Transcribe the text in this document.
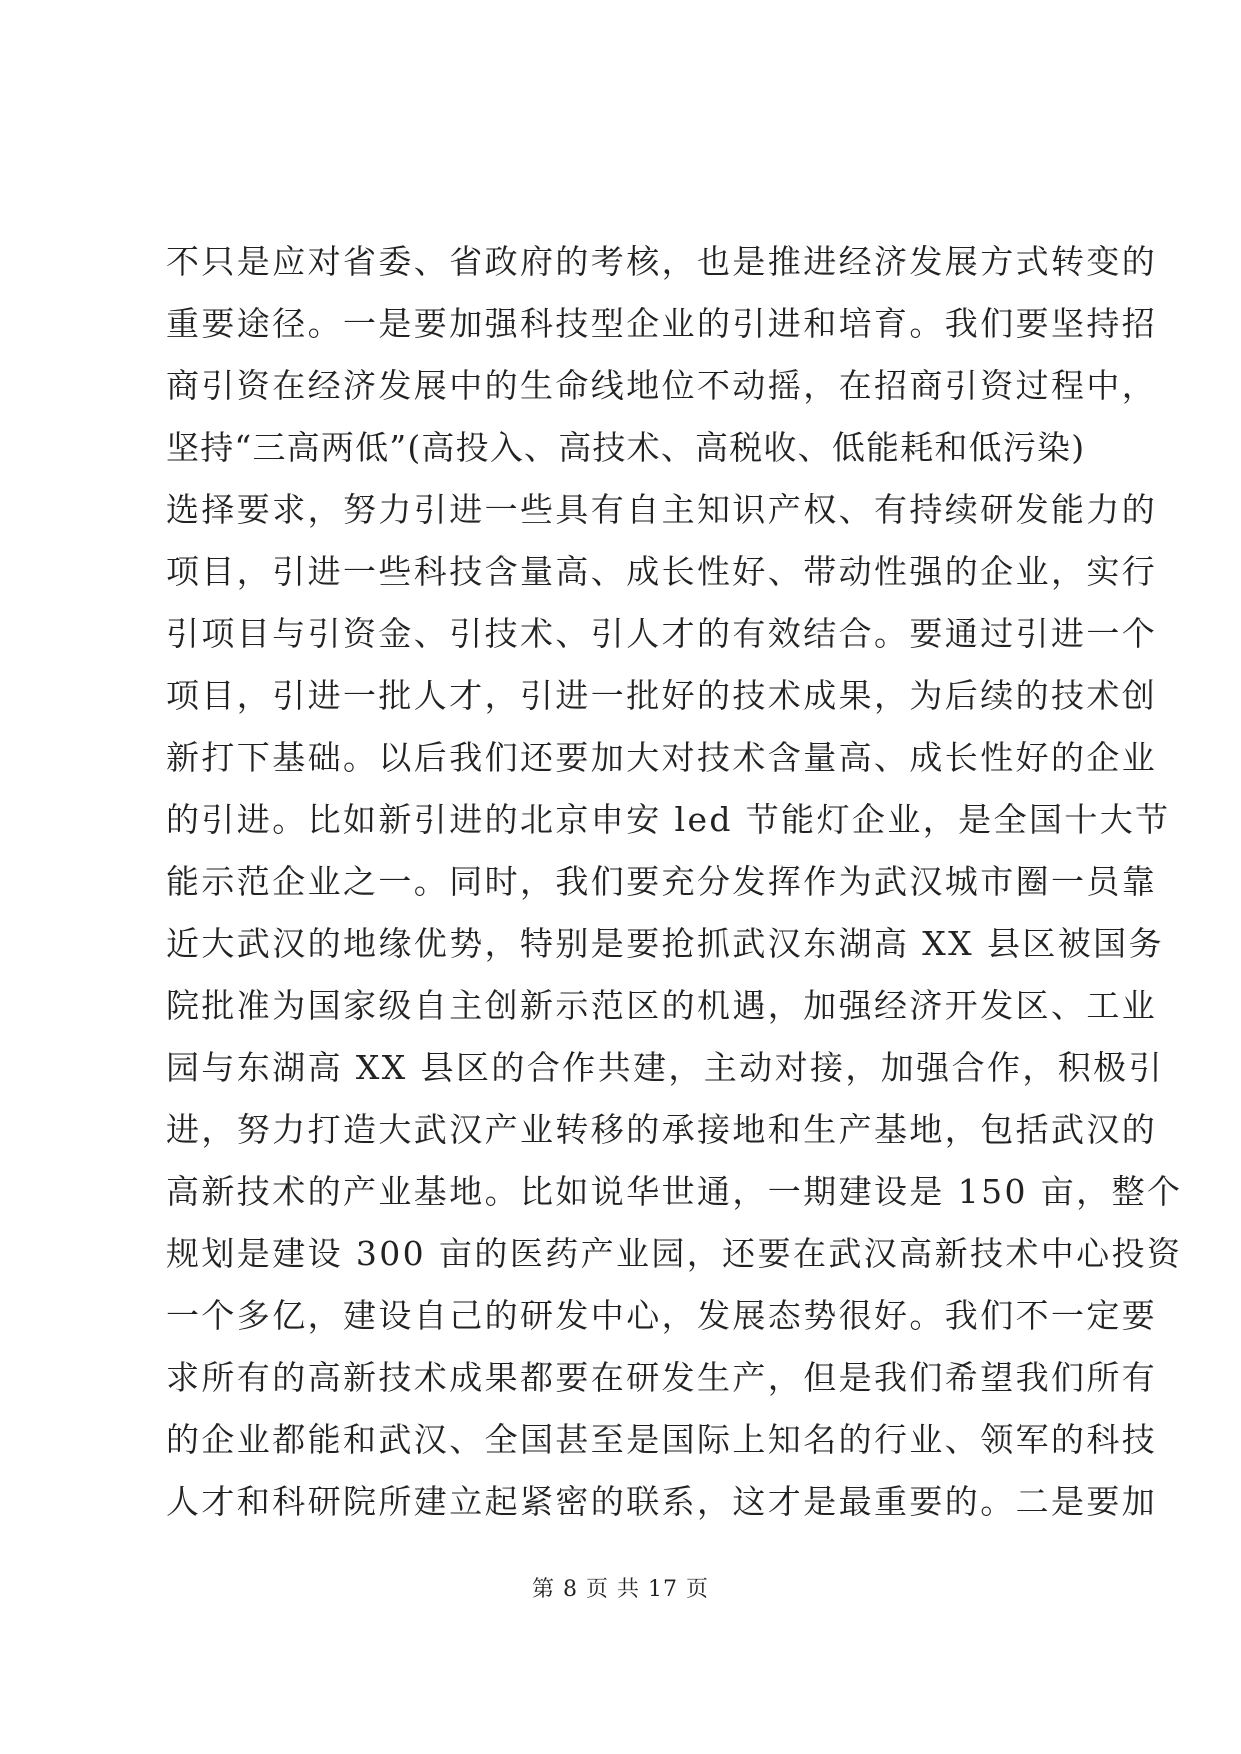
不只是应对省委、省政府的考核，也是推进经济发展方式转变的
重要途径。一是要加强科技型企业的引进和培育。我们要坚持招
商引资在经济发展中的生命线地位不动摇，在招商引资过程中，
坚持“三高两低”(高投入、高技术、高税收、低能耗和低污染)
选择要求，努力引进一些具有自主知识产权、有持续研发能力的
项目，引进一些科技含量高、成长性好、带动性强的企业，实行
引项目与引资金、引技术、引人才的有效结合。要通过引进一个
项目，引进一批人才，引进一批好的技术成果，为后续的技术创
新打下基础。以后我们还要加大对技术含量高、成长性好的企业
的引进。比如新引进的北京申安 led 节能灯企业，是全国十大节
能示范企业之一。同时，我们要充分发挥作为武汉城市圈一员靠
近大武汉的地缘优势，特别是要抢抓武汉东湖高 XX 县区被国务
院批准为国家级自主创新示范区的机遇，加强经济开发区、工业
园与东湖高 XX 县区的合作共建，主动对接，加强合作，积极引
进，努力打造大武汉产业转移的承接地和生产基地，包括武汉的
高新技术的产业基地。比如说华世通，一期建设是 150 亩，整个
规划是建设 300 亩的医药产业园，还要在武汉高新技术中心投资
一个多亿，建设自己的研发中心，发展态势很好。我们不一定要
求所有的高新技术成果都要在研发生产，但是我们希望我们所有
的企业都能和武汉、全国甚至是国际上知名的行业、领军的科技
人才和科研院所建立起紧密的联系，这才是最重要的。二是要加
第 8 页 共 17 页
